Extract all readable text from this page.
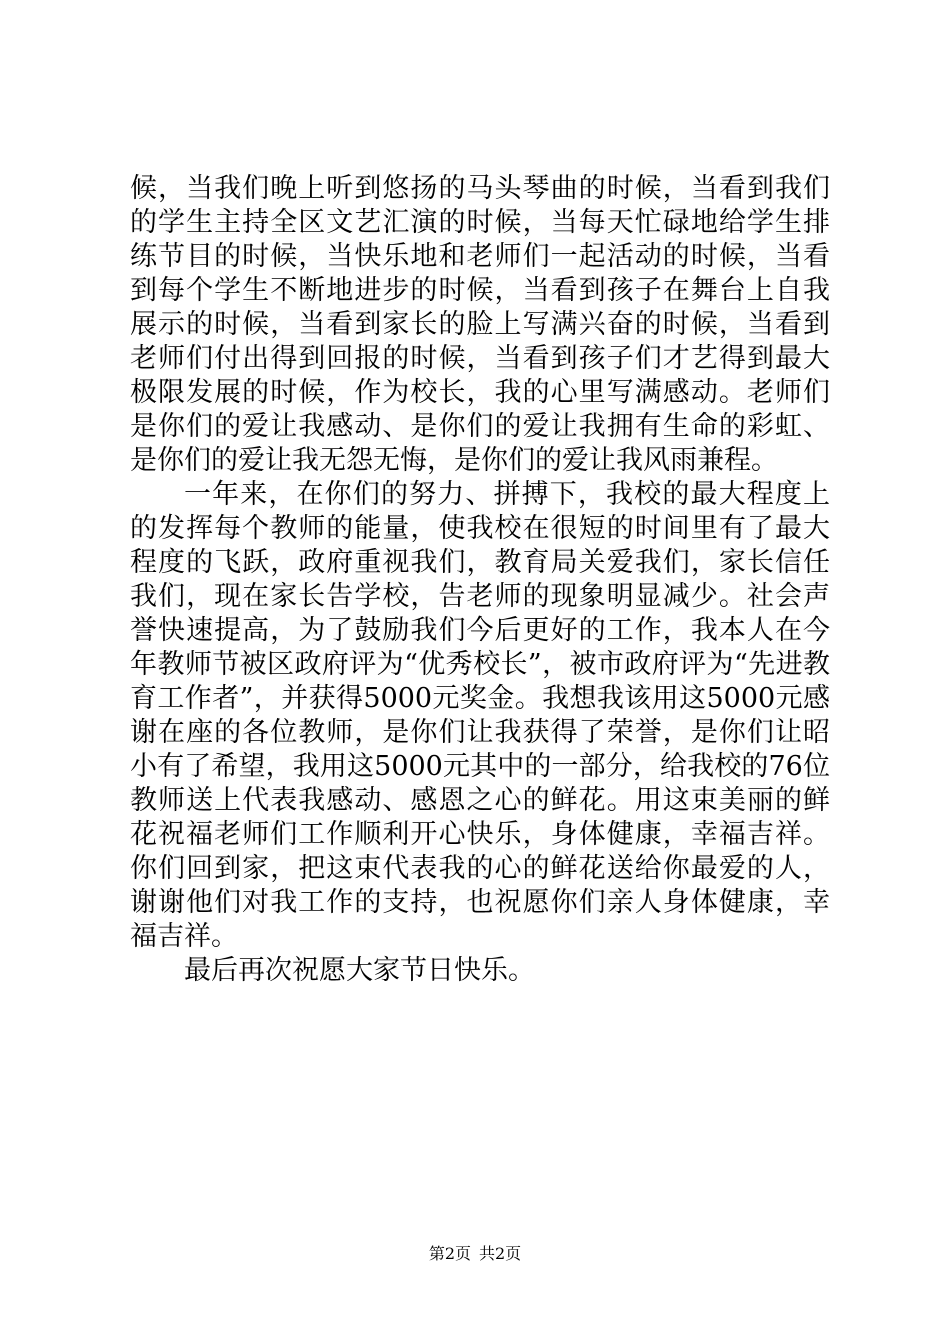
候，当我们晚上听到悠扬的马头琴曲的时候，当看到我们的学生主持全区文艺汇演的时候，当每天忙碌地给学生排练节目的时候，当快乐地和老师们一起活动的时候，当看到每个学生不断地进步的时候，当看到孩子在舞台上自我展示的时候，当看到家长的脸上写满兴奋的时候，当看到老师们付出得到回报的时候，当看到孩子们才艺得到最大极限发展的时候，作为校长，我的心里写满感动。老师们是你们的爱让我感动、是你们的爱让我拥有生命的彩虹、是你们的爱让我无怨无悔，是你们的爱让我风雨兼程。

一年来，在你们的努力、拼搏下，我校的最大程度上的发挥每个教师的能量，使我校在很短的时间里有了最大程度的飞跃，政府重视我们，教育局关爱我们，家长信任我们，现在家长告学校，告老师的现象明显减少。社会声誉快速提高，为了鼓励我们今后更好的工作，我本人在今年教师节被区政府评为“优秀校长”，被市政府评为“先进教育工作者”，并获得5000元奖金。我想我该用这5000元感谢在座的各位教师，是你们让我获得了荣誉，是你们让昭小有了希望，我用这5000元其中的一部分，给我校的76位教师送上代表我感动、感恩之心的鲜花。用这束美丽的鲜花祝福老师们工作顺利开心快乐，身体健康，幸福吉祥。你们回到家，把这束代表我的心的鲜花送给你最爱的人，谢谢他们对我工作的支持，也祝愿你们亲人身体健康，幸福吉祥。

最后再次祝愿大家节日快乐。

第2页 共2页
